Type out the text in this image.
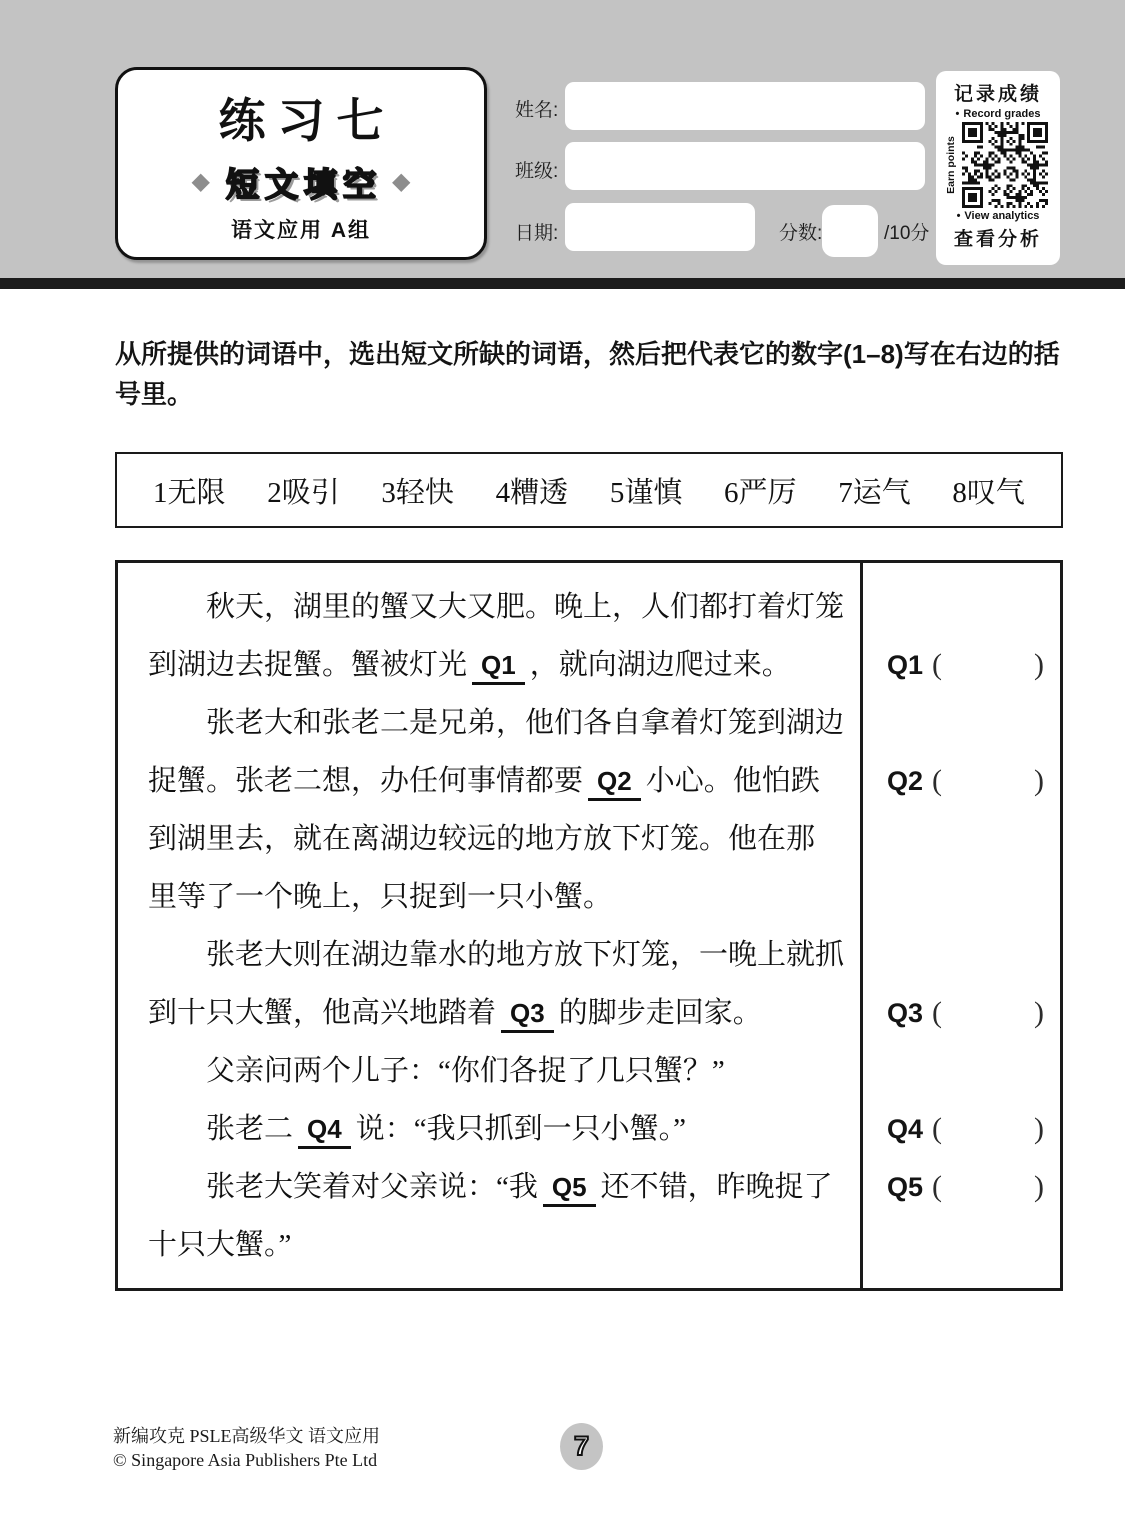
练习七
◆ 短文填空 ◆
语文应用 A组
姓名:
班级:
日期:	分数:	/10分
记录成绩
• Record grades
Earn points
• View analytics
查看分析
从所提供的词语中，选出短文所缺的词语，然后把代表它的数字(1–8)写在右边的括
号里。
1无限 2吸引 3轻快 4糟透 5谨慎 6严厉 7运气 8叹气
秋天，湖里的蟹又大又肥。晚上，人们都打着灯笼
到湖边去捉蟹。蟹被灯光 Q1 ，就向湖边爬过来。
张老大和张老二是兄弟，他们各自拿着灯笼到湖边
捉蟹。张老二想，办任何事情都要 Q2 小心。他怕跌
到湖里去，就在离湖边较远的地方放下灯笼。他在那
里等了一个晚上，只捉到一只小蟹。
张老大则在湖边靠水的地方放下灯笼，一晚上就抓
到十只大蟹，他高兴地踏着 Q3 的脚步走回家。
父亲问两个儿子：“你们各捉了几只蟹？”
张老二 Q4 说：“我只抓到一只小蟹。”
张老大笑着对父亲说：“我 Q5 还不错，昨晚捉了
十只大蟹。”
Q1 (	)
Q2 (	)
Q3 (	)
Q4 (	)
Q5 (	)
新编攻克 PSLE高级华文 语文应用
© Singapore Asia Publishers Pte Ltd	7
